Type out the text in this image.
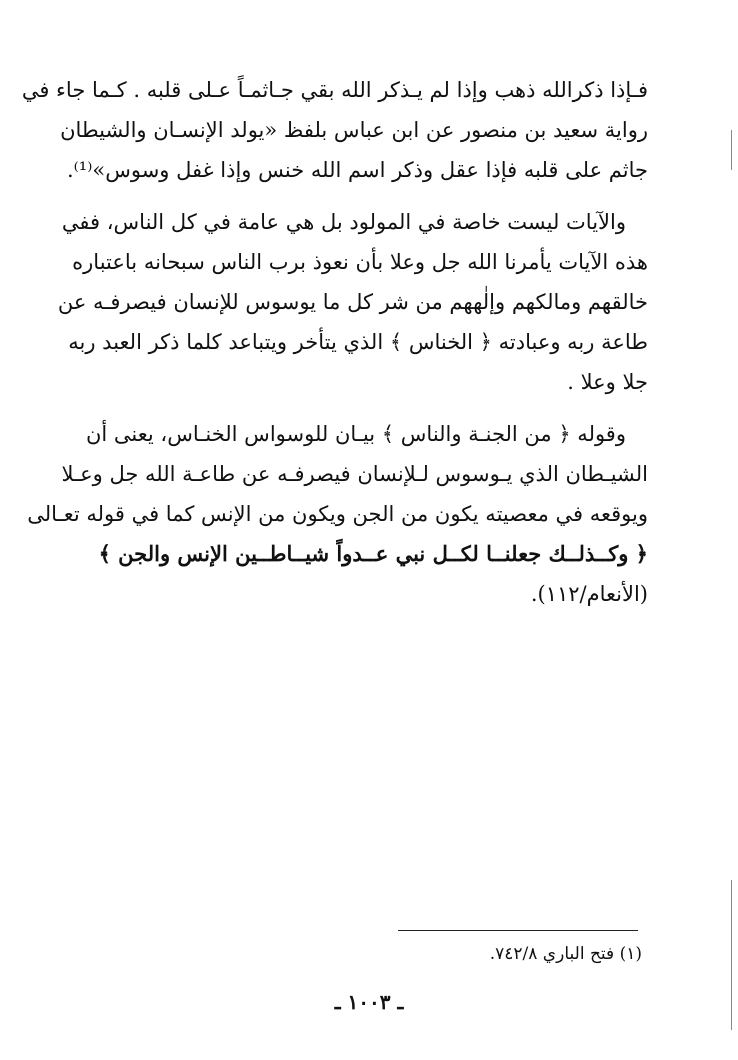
فـإذا ذكرالله ذهب وإذا لم يـذكر الله بقي جـاثمـاً عـلى قلبه . كـما جاء في
رواية سعيد بن منصور عن ابن عباس بلفظ «يولد الإنسـان والشيطان
جاثم على قلبه فإذا عقل وذكر اسم الله خنس وإذا غفل وسوس»⁽¹⁾.

والآيات ليست خاصة في المولود بل هي عامة في كل الناس، ففي
هذه الآيات يأمرنا الله جل وعلا بأن نعوذ برب الناس سبحانه باعتباره
خالقهم ومالكهم وإلٰههم من شر كل ما يوسوس للإنسان فيصرفـه عن
طاعة ربه وعبادته ﴿ الخناس ﴾ الذي يتأخر ويتباعد كلما ذكر العبد ربه
جلا وعلا .

وقوله ﴿ من الجنـة والناس ﴾ بيـان للوسواس الخنـاس، يعنى أن
الشيـطان الذي يـوسوس لـلإنسان فيصرفـه عن طاعـة الله جل وعـلا
ويوقعه في معصيته يكون من الجن ويكون من الإنس كما في قوله تعـالى
﴿ وكــذلــك جعلنــا لكــل نبي عــدواً شيــاطــين الإنس والجن ﴾
(الأنعام/١١٢).

(١) فتح الباري ٧٤٢/٨.
ـ ١٠٠٣ ـ
